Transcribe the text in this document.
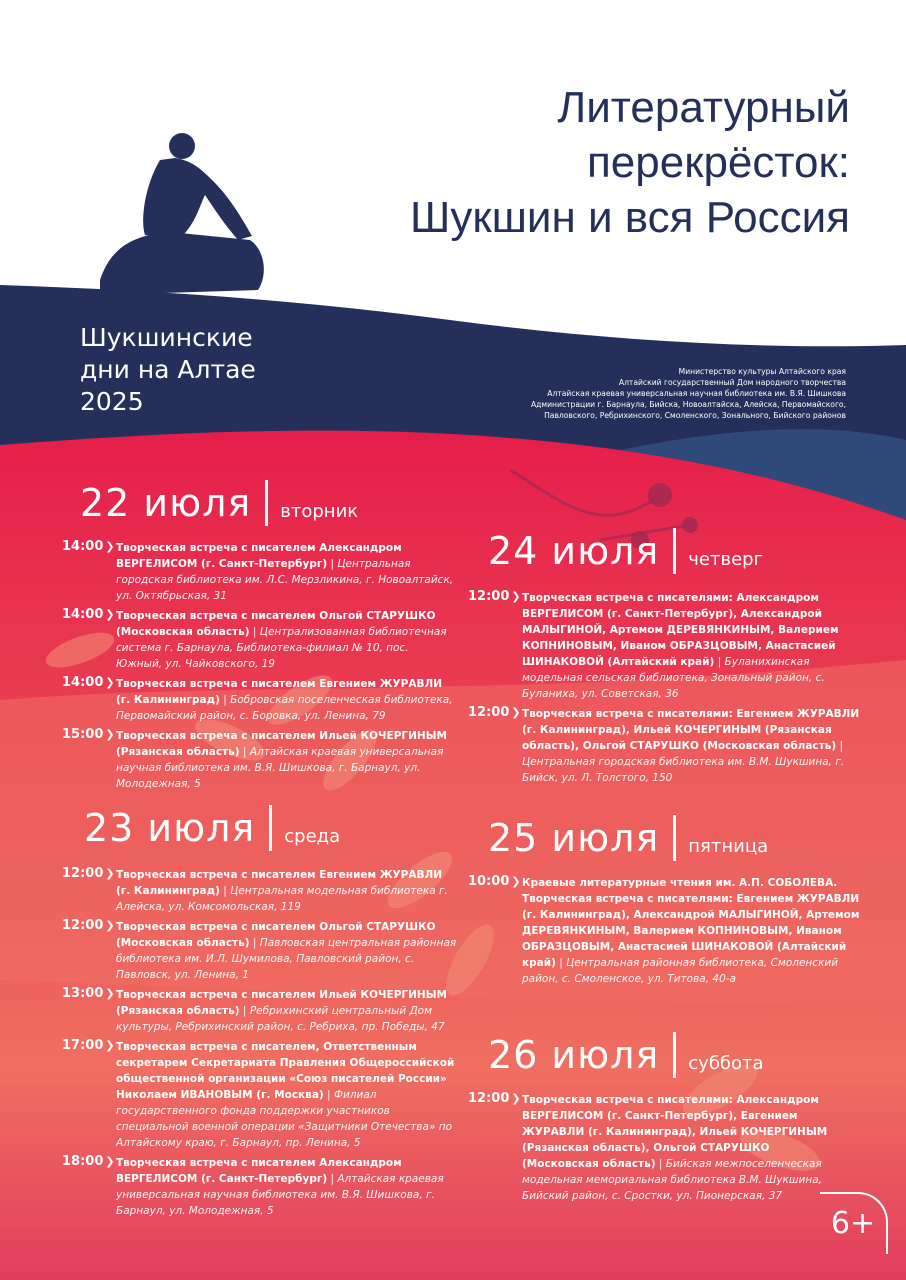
Литературный
перекрёсток:
Шукшин и вся Россия
Шукшинские
дни на Алтае
2025
Министерство культуры Алтайского края
Алтайский государственный Дом народного творчества
Алтайская краевая универсальная научная библиотека им. В.Я. Шишкова
Администрации г. Барнаула, Бийска, Новоалтайска, Алейска, Первомайского,
Павловского, Ребрихинского, Смоленского, Зонального, Бийского районов
22 июля вторник
14:00 ❯	Творческая встреча с писателем Александром ВЕРГЕЛИСОМ (г. Санкт-Петербург) | Центральная городская библиотека им. Л.С. Мерзликина, г. Новоалтайск, ул. Октябрьская, 31
14:00 ❯	Творческая встреча с писателем Ольгой СТАРУШКО (Московская область) | Централизованная библиотечная система г. Барнаула, Библиотека-филиал № 10, пос. Южный, ул. Чайковского, 19
14:00 ❯	Творческая встреча с писателем Евгением ЖУРАВЛИ (г. Калининград) | Бобровская поселенческая библиотека, Первомайский район, с. Боровка, ул. Ленина, 79
15:00 ❯	Творческая встреча с писателем Ильей КОЧЕРГИНЫМ (Рязанская область) | Алтайская краевая универсальная научная библиотека им. В.Я. Шишкова, г. Барнаул, ул. Молодежная, 5
23 июля среда
12:00 ❯	Творческая встреча с писателем Евгением ЖУРАВЛИ (г. Калининград) | Центральная модельная библиотека г. Алейска, ул. Комсомольская, 119
12:00 ❯	Творческая встреча с писателем Ольгой СТАРУШКО (Московская область) | Павловская центральная районная библиотека им. И.Л. Шумилова, Павловский район, с. Павловск, ул. Ленина, 1
13:00 ❯	Творческая встреча с писателем Ильей КОЧЕРГИНЫМ (Рязанская область) | Ребрихинский центральный Дом культуры, Ребрихинский район, с. Ребриха, пр. Победы, 47
17:00 ❯	Творческая встреча с писателем, Ответственным секретарем Секретариата Правления Общероссийской общественной организации «Союз писателей России» Николаем ИВАНОВЫМ (г. Москва) | Филиал государственного фонда поддержки участников специальной военной операции «Защитники Отечества» по Алтайскому краю, г. Барнаул, пр. Ленина, 5
18:00 ❯	Творческая встреча с писателем Александром ВЕРГЕЛИСОМ (г. Санкт-Петербург) | Алтайская краевая универсальная научная библиотека им. В.Я. Шишкова, г. Барнаул, ул. Молодежная, 5
24 июля четверг
12:00 ❯	Творческая встреча с писателями: Александром ВЕРГЕЛИСОМ (г. Санкт-Петербург), Александрой МАЛЫГИНОЙ, Артемом ДЕРЕВЯНКИНЫМ, Валерием КОПНИНОВЫМ, Иваном ОБРАЗЦОВЫМ, Анастасией ШИНАКОВОЙ (Алтайский край) | Буланихинская модельная сельская библиотека, Зональный район, с. Буланиха, ул. Советская, 36
12:00 ❯	Творческая встреча с писателями: Евгением ЖУРАВЛИ (г. Калининград), Ильей КОЧЕРГИНЫМ (Рязанская область), Ольгой СТАРУШКО (Московская область)| Центральная городская библиотека им. В.М. Шукшина, г. Бийск, ул. Л. Толстого, 150
25 июля пятница
10:00 ❯	Краевые литературные чтения им. А.П. СОБОЛЕВА. Творческая встреча с писателями: Евгением ЖУРАВЛИ (г. Калининград), Александрой МАЛЫГИНОЙ, Артемом ДЕРЕВЯНКИНЫМ, Валерием КОПНИНОВЫМ, Иваном ОБРАЗЦОВЫМ, Анастасией ШИНАКОВОЙ (Алтайский край) | Центральная районная библиотека, Смоленский район, с. Смоленское, ул. Титова, 40-а
26 июля суббота
12:00 ❯	Творческая встреча с писателями: Александром ВЕРГЕЛИСОМ (г. Санкт-Петербург), Евгением ЖУРАВЛИ (г. Калининград), Ильей КОЧЕРГИНЫМ (Рязанская область), Ольгой СТАРУШКО (Московская область) | Бийская межпоселенческая модельная мемориальная библиотека В.М. Шукшина, Бийский район, с. Сростки, ул. Пионерская, 37
6+
